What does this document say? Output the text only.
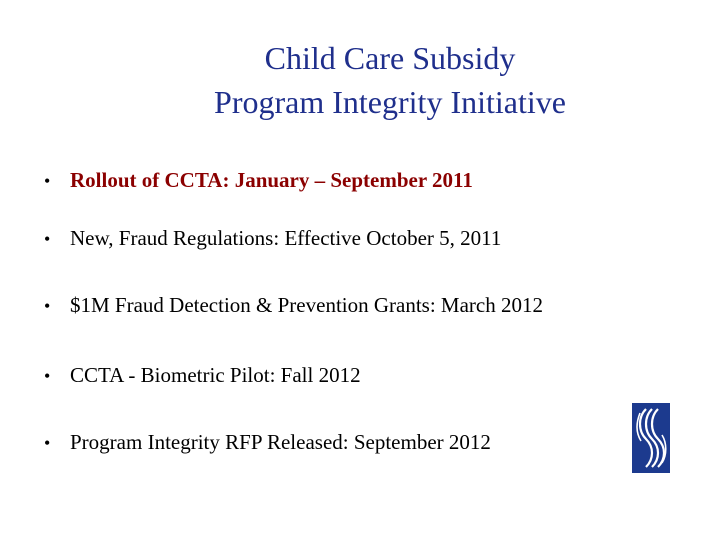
Child Care Subsidy
Program Integrity Initiative
• Rollout of CCTA: January – September 2011
• New, Fraud Regulations: Effective October 5, 2011
• $1M Fraud Detection & Prevention Grants: March 2012
• CCTA - Biometric Pilot: Fall 2012
• Program Integrity RFP Released: September 2012
